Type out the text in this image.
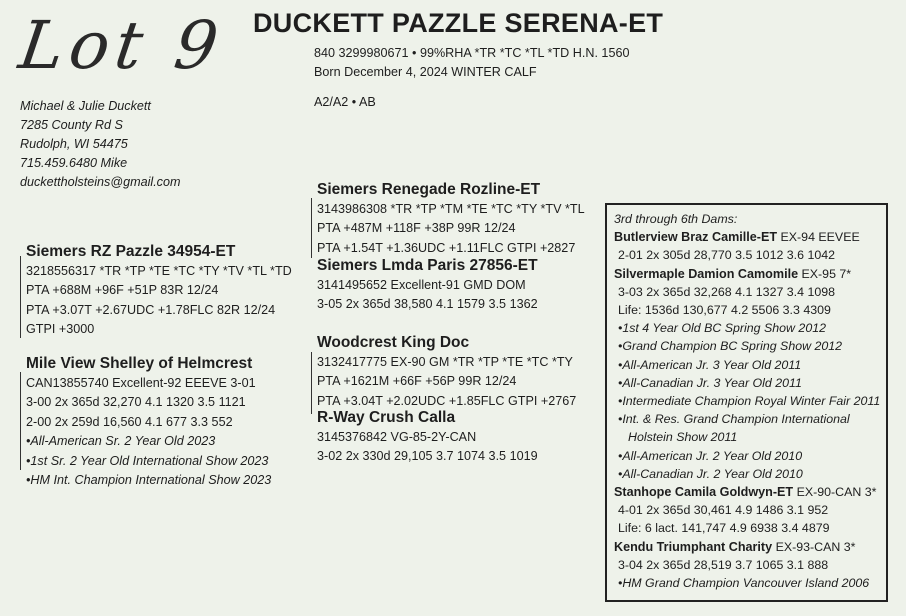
Lot 9 DUCKETT PAZZLE SERENA-ET
840 3299980671 • 99%RHA *TR *TC *TL *TD H.N. 1560
Born December 4, 2024 WINTER CALF
A2/A2 • AB
Michael & Julie Duckett
7285 County Rd S
Rudolph, WI 54475
715.459.6480 Mike
duckettholsteins@gmail.com
Siemers RZ Pazzle 34954-ET
3218556317 *TR *TP *TE *TC *TY *TV *TL *TD
PTA +688M +96F +51P 83R 12/24
PTA +3.07T +2.67UDC +1.78FLC 82R 12/24
GTPI +3000
Mile View Shelley of Helmcrest
CAN13855740 Excellent-92 EEEVE 3-01
3-00 2x 365d 32,270 4.1 1320 3.5 1121
2-00 2x 259d 16,560 4.1 677 3.3 552
•All-American Sr. 2 Year Old 2023
•1st Sr. 2 Year Old International Show 2023
•HM Int. Champion International Show 2023
Siemers Renegade Rozline-ET
3143986308 *TR *TP *TM *TE *TC *TY *TV *TL
PTA +487M +118F +38P 99R 12/24
PTA +1.54T +1.36UDC +1.11FLC GTPI +2827
Siemers Lmda Paris 27856-ET
3141495652 Excellent-91 GMD DOM
3-05 2x 365d 38,580 4.1 1579 3.5 1362
Woodcrest King Doc
3132417775 EX-90 GM *TR *TP *TE *TC *TY
PTA +1621M +66F +56P 99R 12/24
PTA +3.04T +2.02UDC +1.85FLC GTPI +2767
R-Way Crush Calla
3145376842 VG-85-2Y-CAN
3-02 2x 330d 29,105 3.7 1074 3.5 1019
3rd through 6th Dams:
Butlerview Braz Camille-ET EX-94 EEVEE
2-01 2x 305d 28,770 3.5 1012 3.6 1042
Silvermaple Damion Camomile EX-95 7*
3-03 2x 365d 32,268 4.1 1327 3.4 1098
Life: 1536d 130,677 4.2 5506 3.3 4309
•1st 4 Year Old BC Spring Show 2012
•Grand Champion BC Spring Show 2012
•All-American Jr. 3 Year Old 2011
•All-Canadian Jr. 3 Year Old 2011
•Intermediate Champion Royal Winter Fair 2011
•Int. & Res. Grand Champion International
Holstein Show 2011
•All-American Jr. 2 Year Old 2010
•All-Canadian Jr. 2 Year Old 2010
Stanhope Camila Goldwyn-ET EX-90-CAN 3*
4-01 2x 365d 30,461 4.9 1486 3.1 952
Life: 6 lact. 141,747 4.9 6938 3.4 4879
Kendu Triumphant Charity EX-93-CAN 3*
3-04 2x 365d 28,519 3.7 1065 3.1 888
•HM Grand Champion Vancouver Island 2006
